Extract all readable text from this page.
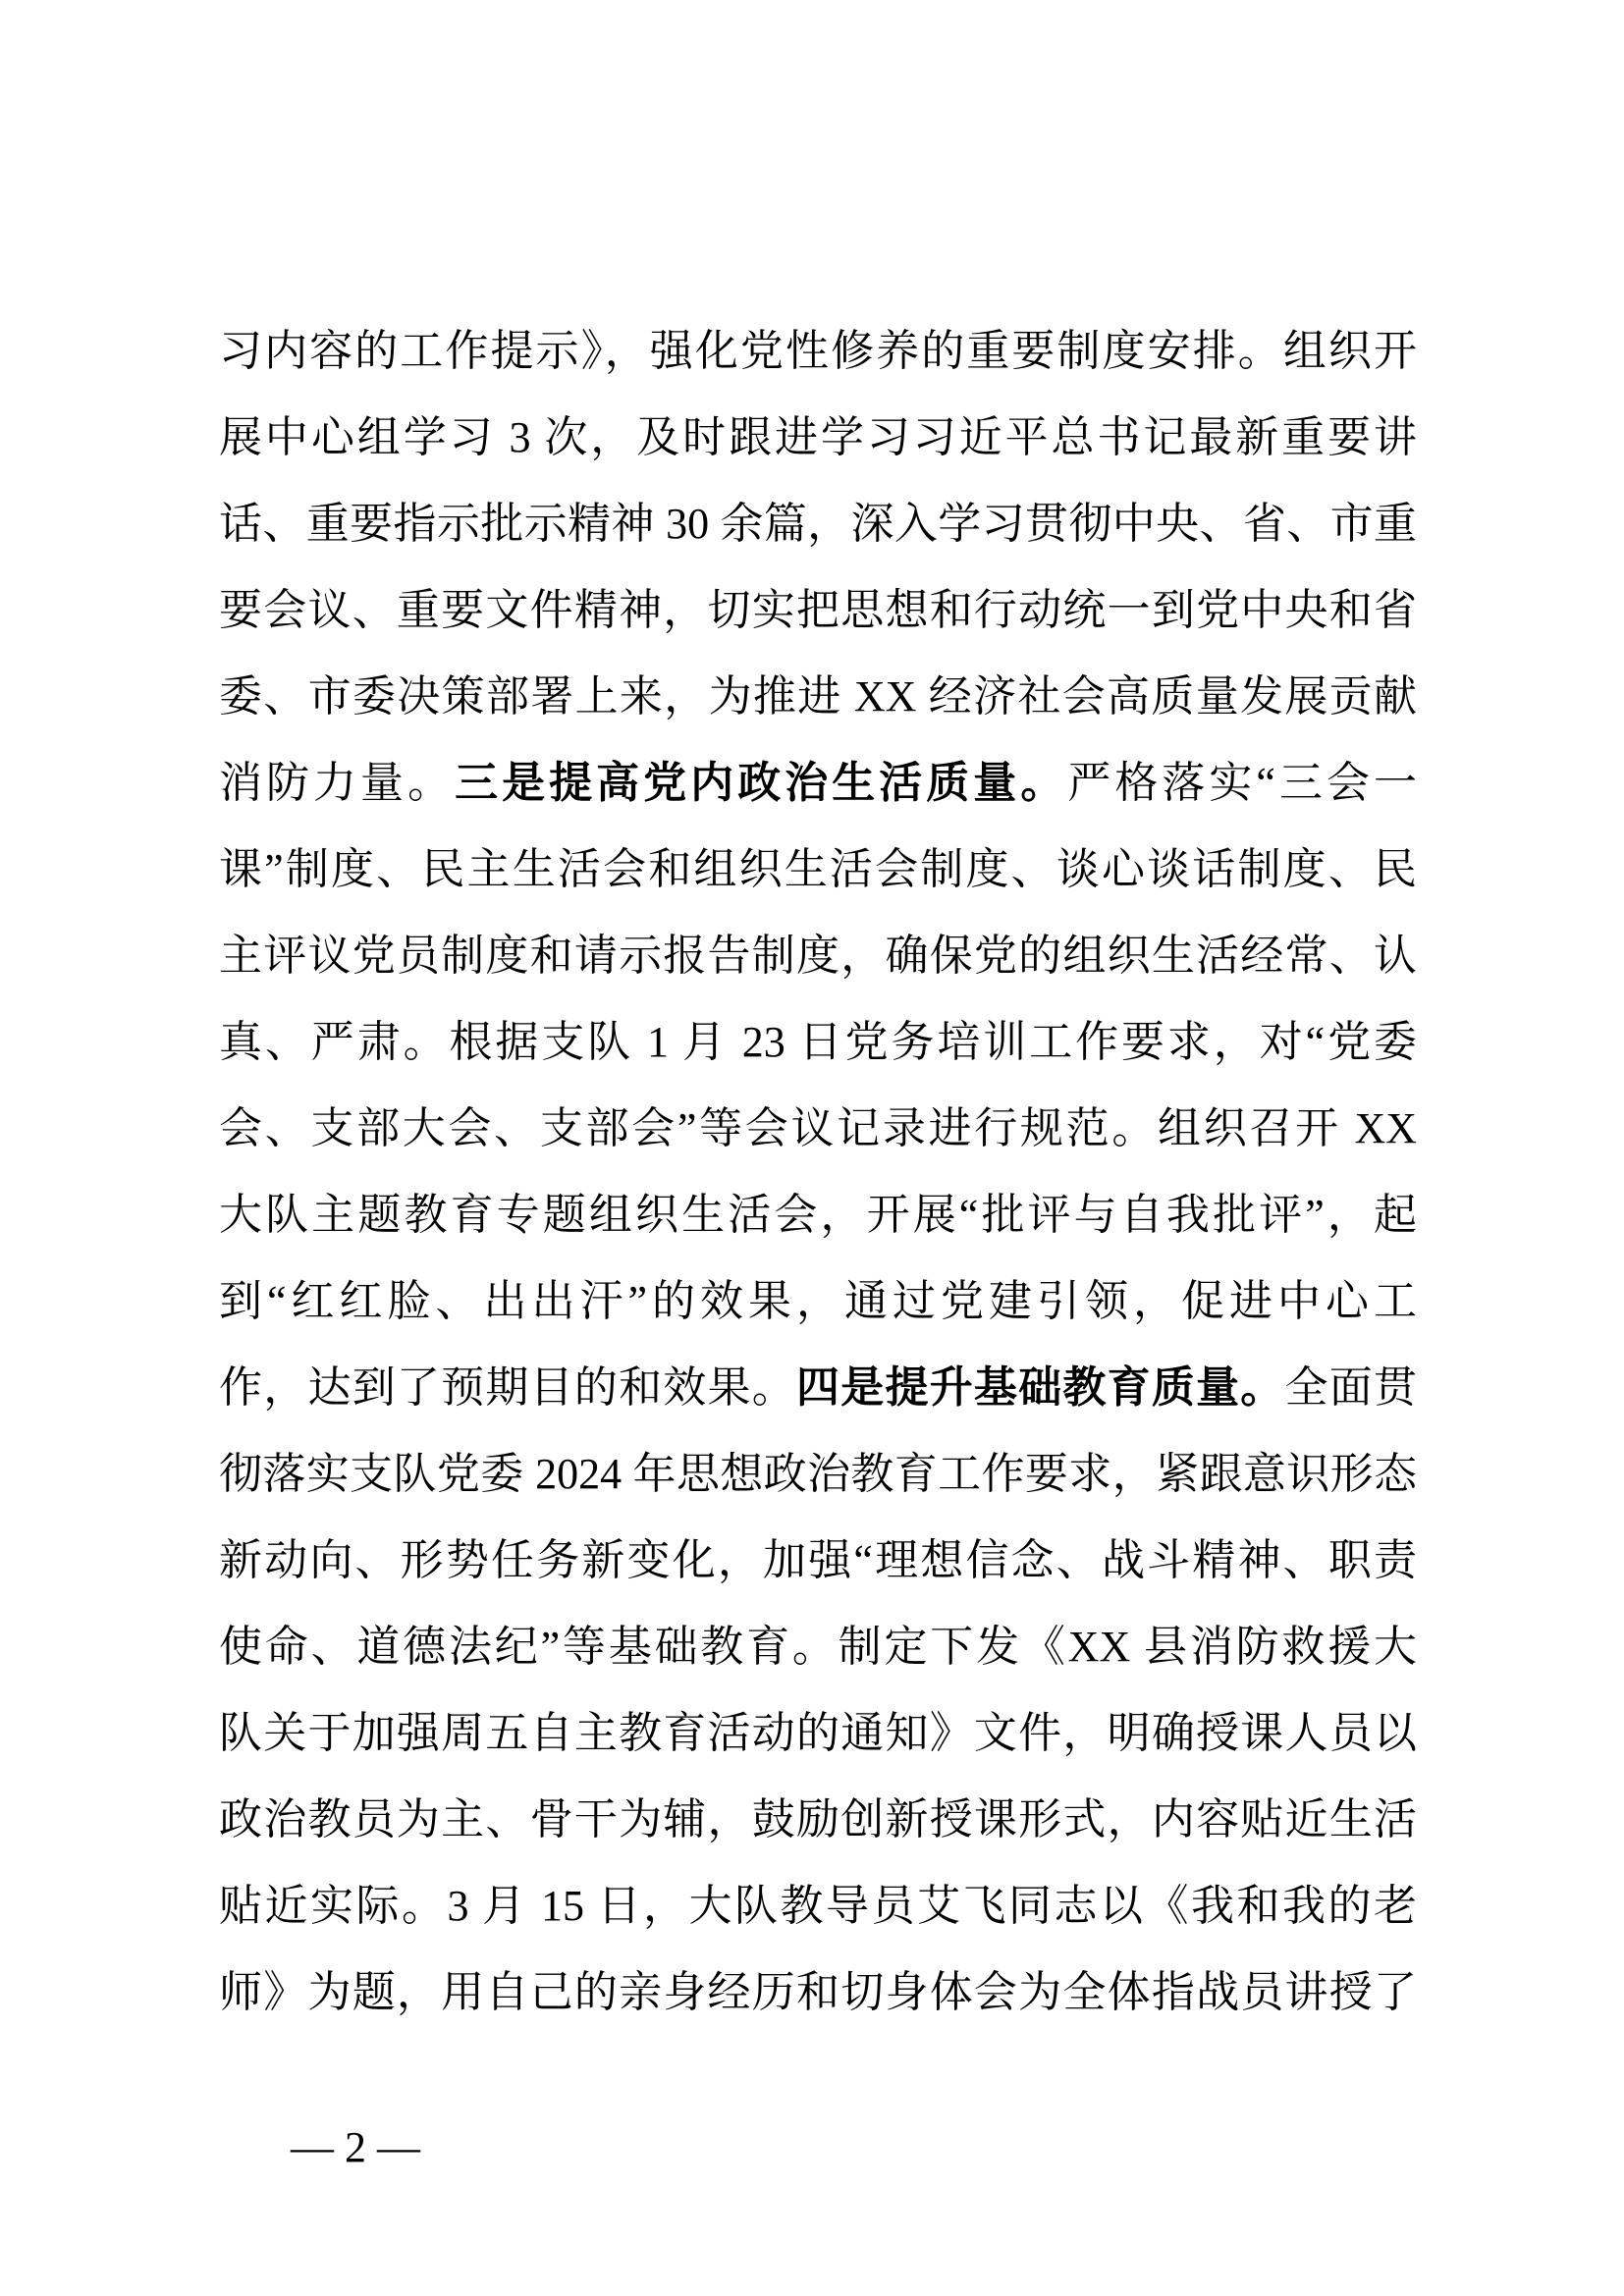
习内容的工作提示》，强化党性修养的重要制度安排。组织开
展中心组学习 3 次，及时跟进学习习近平总书记最新重要讲
话、重要指示批示精神 30 余篇，深入学习贯彻中央、省、市重
要会议、重要文件精神，切实把思想和行动统一到党中央和省
委、市委决策部署上来，为推进 XX 经济社会高质量发展贡献
消防力量。三是提高党内政治生活质量。严格落实“三会一
课”制度、民主生活会和组织生活会制度、谈心谈话制度、民
主评议党员制度和请示报告制度，确保党的组织生活经常、认
真、严肃。根据支队 1 月 23 日党务培训工作要求，对“党委
会、支部大会、支部会”等会议记录进行规范。组织召开 XX
大队主题教育专题组织生活会，开展“批评与自我批评”，起
到“红红脸、出出汗”的效果，通过党建引领，促进中心工
作，达到了预期目的和效果。四是提升基础教育质量。全面贯
彻落实支队党委 2024 年思想政治教育工作要求，紧跟意识形态
新动向、形势任务新变化，加强“理想信念、战斗精神、职责
使命、道德法纪”等基础教育。制定下发《XX 县消防救援大
队关于加强周五自主教育活动的通知》文件，明确授课人员以
政治教员为主、骨干为辅，鼓励创新授课形式，内容贴近生活
贴近实际。3 月 15 日，大队教导员艾飞同志以《我和我的老
师》为题，用自己的亲身经历和切身体会为全体指战员讲授了

— 2 —
